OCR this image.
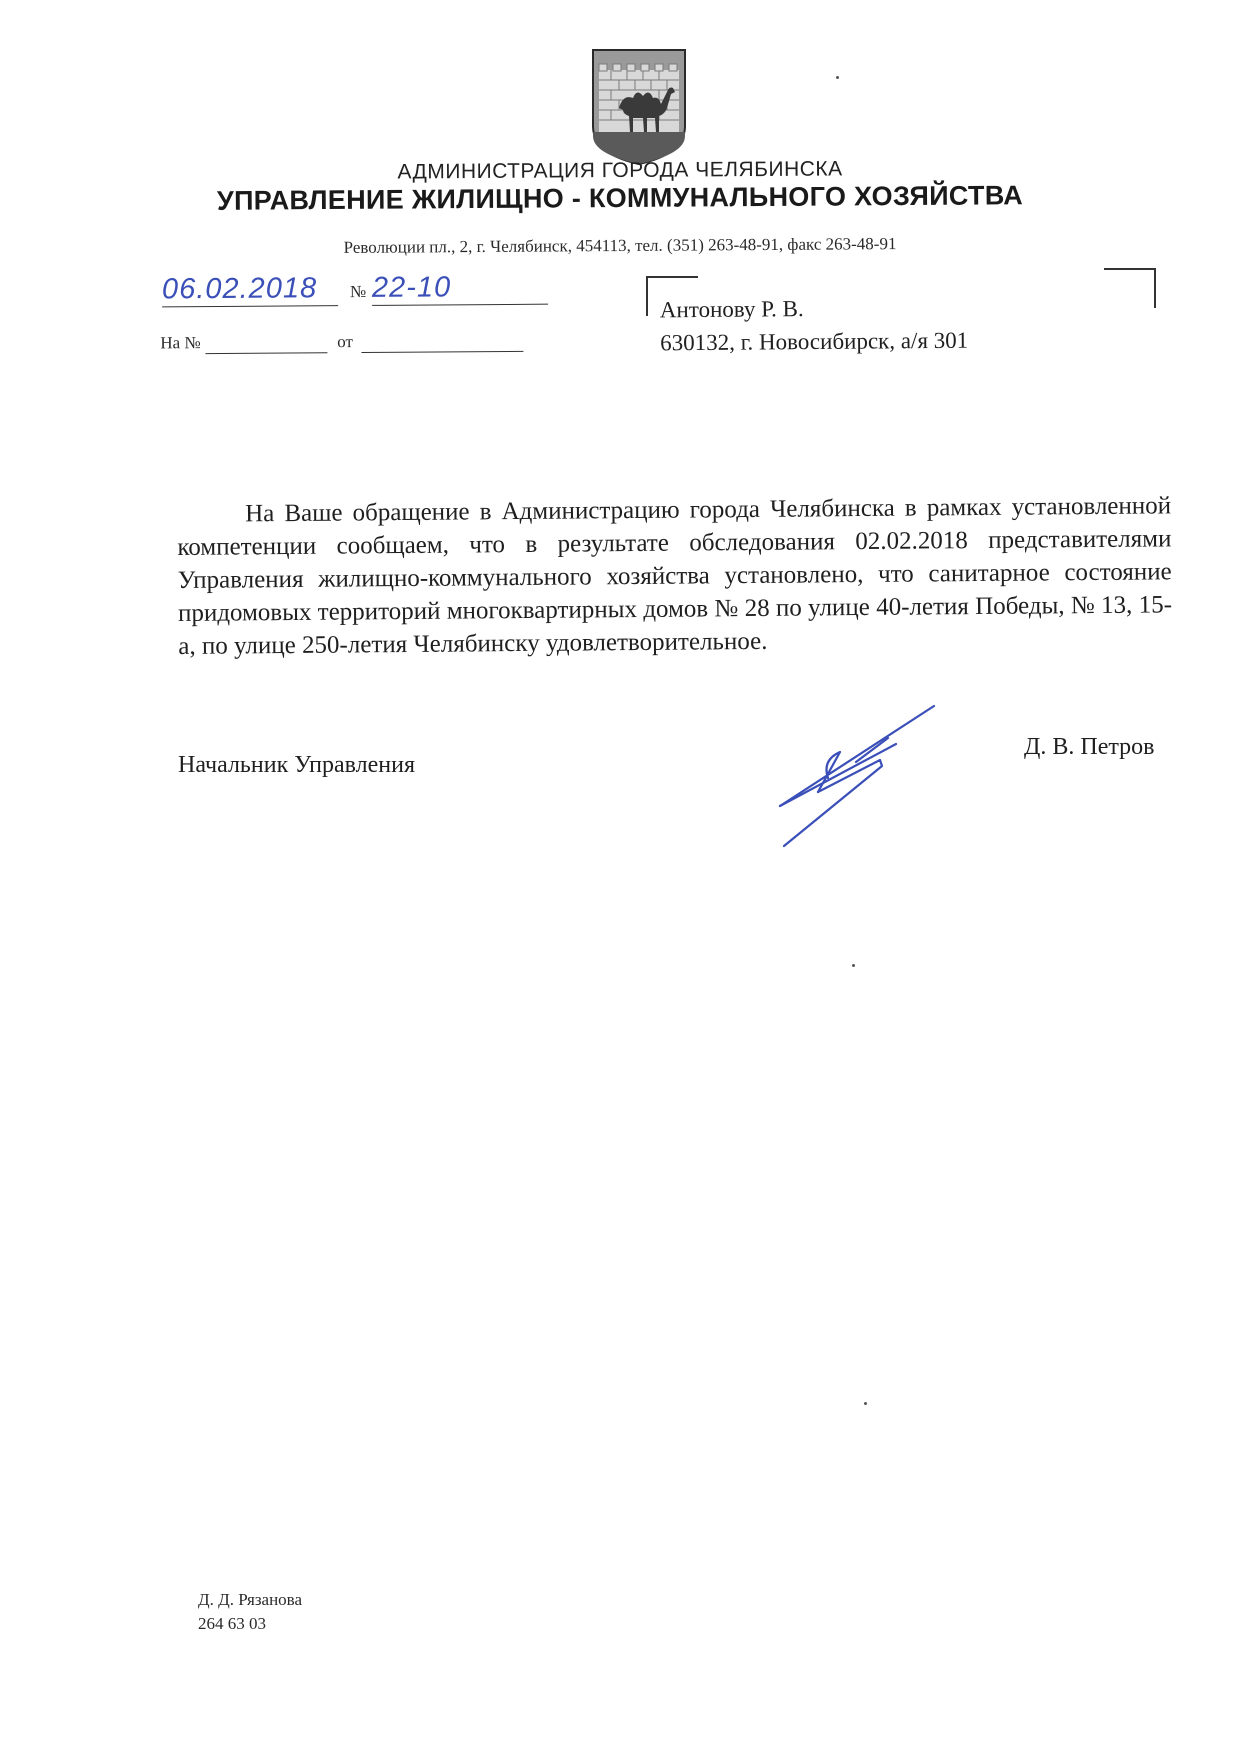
АДМИНИСТРАЦИЯ ГОРОДА ЧЕЛЯБИНСКА
УПРАВЛЕНИЕ ЖИЛИЩНО - КОММУНАЛЬНОГО ХОЗЯЙСТВА
Революции пл., 2, г. Челябинск, 454113, тел. (351) 263-48-91, факс 263-48-91
06.02.2018	№ 22-10
На №	от
Антонову Р. В.
630132, г. Новосибирск, а/я 301
На Ваше обращение в Администрацию города Челябинска в рамках установленной компетенции сообщаем, что в результате обследования 02.02.2018 представителями Управления жилищно-коммунального хозяйства установлено, что санитарное состояние придомовых территорий многоквартирных домов № 28 по улице 40-летия Победы, № 13, 15-а, по улице 250-летия Челябинску удовлетворительное.
Начальник Управления
Д. В. Петров
Д. Д. Рязанова
264 63 03
